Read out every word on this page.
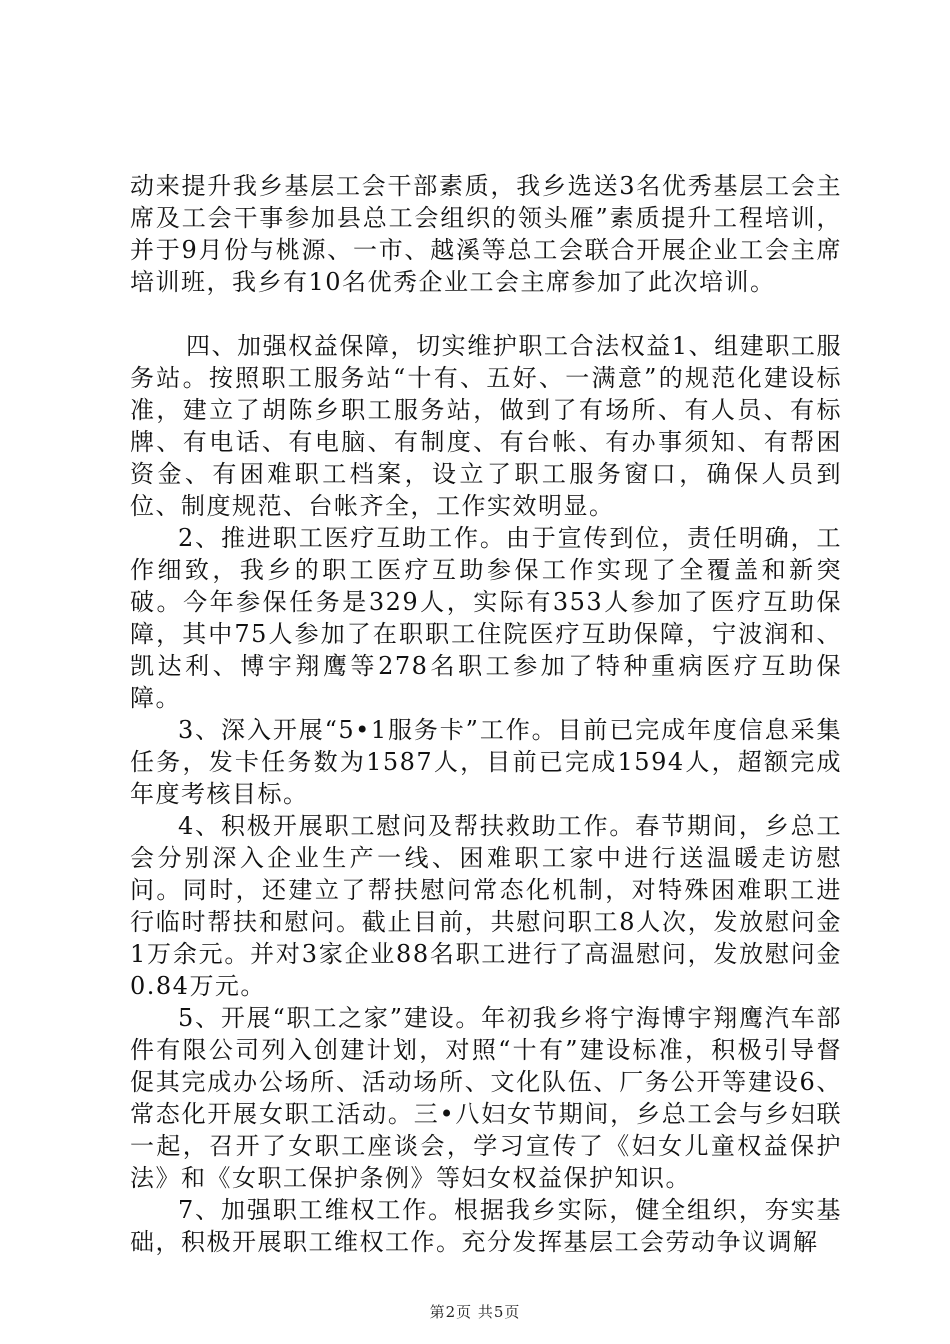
动来提升我乡基层工会干部素质，我乡选送3名优秀基层工会主席及工会干事参加县总工会组织的领头雁”素质提升工程培训，并于9月份与桃源、一市、越溪等总工会联合开展企业工会主席培训班，我乡有10名优秀企业工会主席参加了此次培训。

四、加强权益保障，切实维护职工合法权益1、组建职工服务站。按照职工服务站“十有、五好、一满意”的规范化建设标准，建立了胡陈乡职工服务站，做到了有场所、有人员、有标牌、有电话、有电脑、有制度、有台帐、有办事须知、有帮困资金、有困难职工档案，设立了职工服务窗口，确保人员到位、制度规范、台帐齐全，工作实效明显。

2、推进职工医疗互助工作。由于宣传到位，责任明确，工作细致，我乡的职工医疗互助参保工作实现了全覆盖和新突破。今年参保任务是329人，实际有353人参加了医疗互助保障，其中75人参加了在职职工住院医疗互助保障，宁波润和、凯达利、博宇翔鹰等278名职工参加了特种重病医疗互助保障。

3、深入开展“5•1服务卡”工作。目前已完成年度信息采集任务，发卡任务数为1587人，目前已完成1594人，超额完成年度考核目标。

4、积极开展职工慰问及帮扶救助工作。春节期间，乡总工会分别深入企业生产一线、困难职工家中进行送温暖走访慰问。同时，还建立了帮扶慰问常态化机制，对特殊困难职工进行临时帮扶和慰问。截止目前，共慰问职工8人次，发放慰问金1万余元。并对3家企业88名职工进行了高温慰问，发放慰问金0.84万元。

5、开展“职工之家”建设。年初我乡将宁海博宇翔鹰汽车部件有限公司列入创建计划，对照“十有”建设标准，积极引导督促其完成办公场所、活动场所、文化队伍、厂务公开等建设6、常态化开展女职工活动。三•八妇女节期间，乡总工会与乡妇联一起，召开了女职工座谈会，学习宣传了《妇女儿童权益保护法》和《女职工保护条例》等妇女权益保护知识。

7、加强职工维权工作。根据我乡实际，健全组织，夯实基础，积极开展职工维权工作。充分发挥基层工会劳动争议调解

第2页 共5页
